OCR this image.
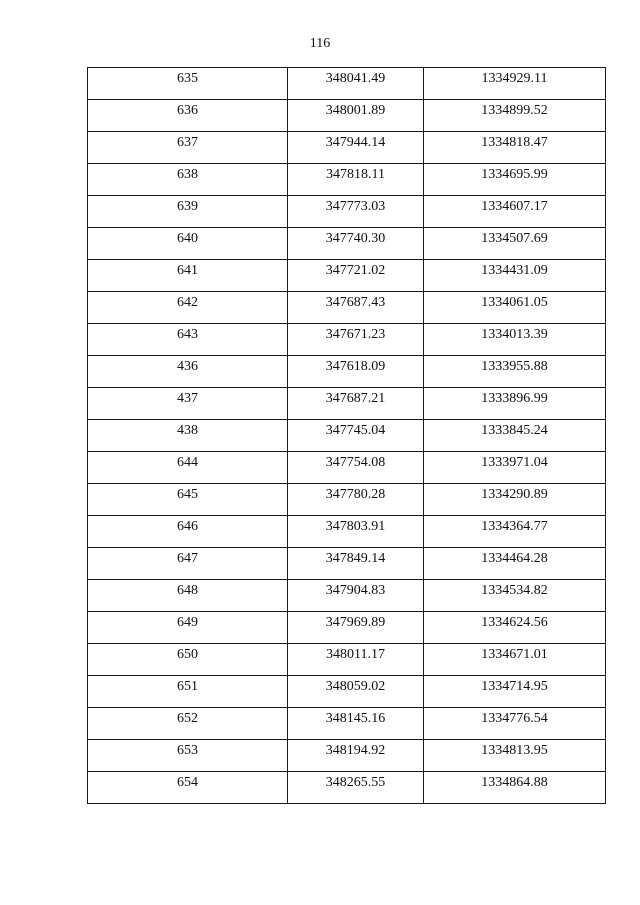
116
635	348041.49	1334929.11

636	348001.89	1334899.52

637	347944.14	1334818.47

638	347818.11	1334695.99

639	347773.03	1334607.17

640	347740.30	1334507.69

641	347721.02	1334431.09

642	347687.43	1334061.05

643	347671.23	1334013.39

436	347618.09	1333955.88

437	347687.21	1333896.99

438	347745.04	1333845.24

644	347754.08	1333971.04

645	347780.28	1334290.89

646	347803.91	1334364.77

647	347849.14	1334464.28

648	347904.83	1334534.82

649	347969.89	1334624.56

650	348011.17	1334671.01

651	348059.02	1334714.95

652	348145.16	1334776.54

653	348194.92	1334813.95

654	348265.55	1334864.88
